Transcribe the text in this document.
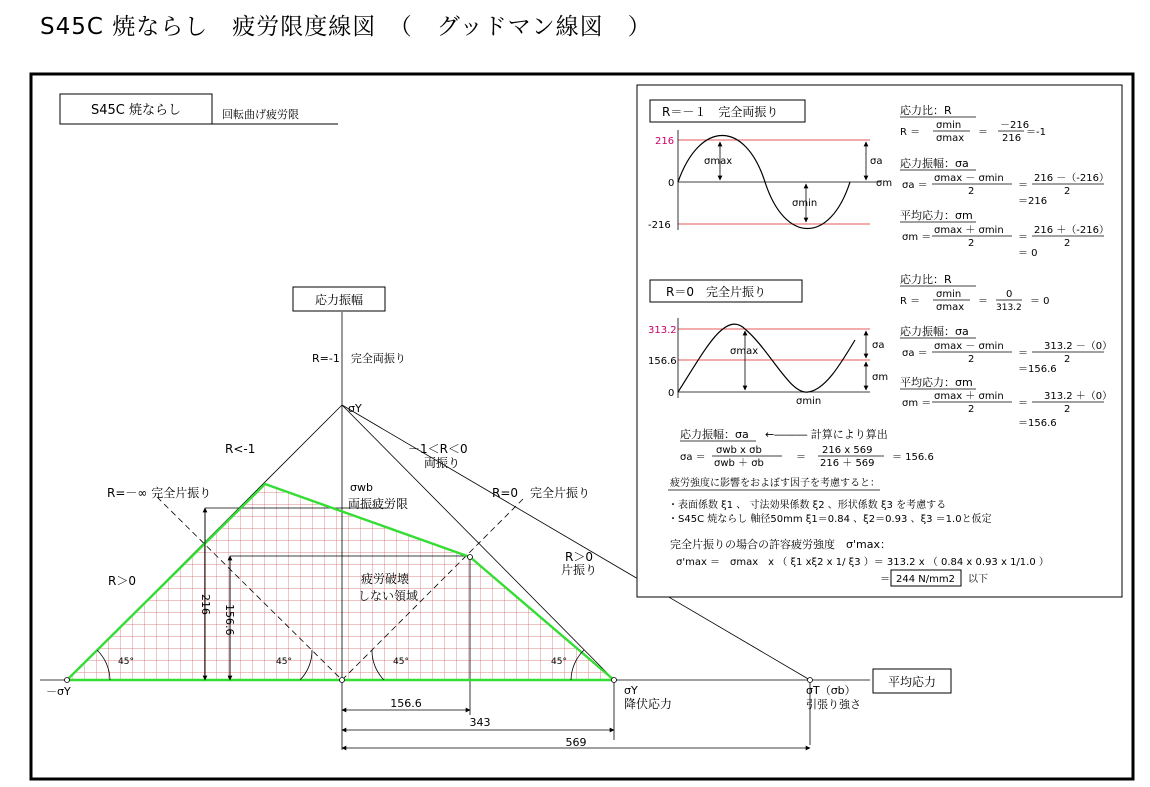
S45C 焼ならし　疲労限度線図　（　グッドマン線図　）
S45C 焼ならし	回転曲げ疲労限
45°	45°	45°	45°
応力振幅
平均応力
R=-1　完全両振り
σY
R<-1	－1＜R＜0
両振り
σwb
両振疲労限
R=－∞ 完全片振り	R=0　完全片振り
R＞0
R＞0
片振り
疲労破壊
しない領域
－σY	σY
降伏応力
σT（σb）
引張り強さ
156.6
343
569
216 156.6
R＝－１　完全両振り
216
0
-216
σmax
σmin
σa
σm
応力比：R
R ＝
σmin
σmax
＝
－216
216
＝-1
応力振幅：σa
σa ＝
σmax － σmin
2
＝
216 －（-216）
2
＝216
平均応力：σm
σm ＝
σmax ＋ σmin
2
＝
216 ＋（-216）
2
＝ 0
R＝0　完全片振り
313.2
156.6
0
σmax
σmin
σa
σm
応力比：R
R ＝
σmin
σmax
＝
0
313.2
＝ 0
応力振幅：σa
σa ＝
σmax － σmin
2
＝
313.2 －（0）
2
＝156.6
平均応力：σm
σm ＝
σmax ＋ σmin
2
＝
313.2 ＋（0）
2
＝156.6
応力振幅：σa ←――― 計算により算出
σa ＝
σwb x σb
σwb ＋ σb
＝
216 x 569
216 ＋ 569
＝ 156.6
疲労強度に影響をおよぼす因子を考慮すると：
・表面係数 ξ1 、 寸法効果係数 ξ2 、形状係数 ξ3 を考慮する
・S45C 焼ならし 軸径50mm ξ1＝0.84 、ξ2＝0.93 、ξ3 ＝1.0と仮定
完全片振りの場合の許容疲労強度　σ'max：
σ'max ＝　σmax　x （ ξ1 xξ2 x 1/ ξ3 ）＝ 313.2 x （ 0.84 x 0.93 x 1/1.0 ）
＝ 244 N/mm2 以下
